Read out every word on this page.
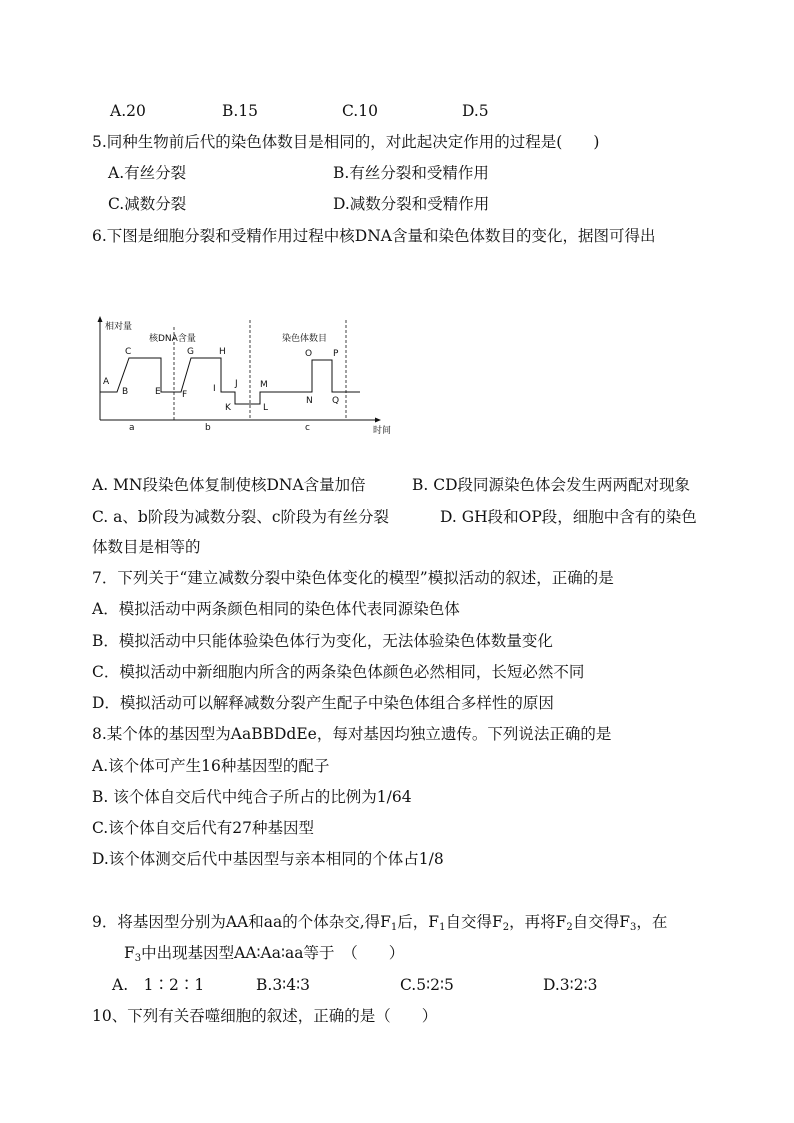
A.20	B.15	C.10	D.5
5.同种生物前后代的染色体数目是相同的，对此起决定作用的过程是(　　)
A.有丝分裂	B.有丝分裂和受精作用
C.减数分裂	D.减数分裂和受精作用
6.下图是细胞分裂和受精作用过程中核DNA含量和染色体数目的变化，据图可得出
相对量
时间
核DNA含量	染色体数目
A
B
C
E F
G	H
I J
K	L
M
N
O P
Q
a	b	c
A. MN段染色体复制使核DNA含量加倍	B. CD段同源染色体会发生两两配对现象
C. a、b阶段为减数分裂、c阶段为有丝分裂	D. GH段和OP段，细胞中含有的染色
体数目是相等的
7．下列关于“建立减数分裂中染色体变化的模型”模拟活动的叙述，正确的是
A．模拟活动中两条颜色相同的染色体代表同源染色体
B．模拟活动中只能体验染色体行为变化，无法体验染色体数量变化
C．模拟活动中新细胞内所含的两条染色体颜色必然相同，长短必然不同
D．模拟活动可以解释减数分裂产生配子中染色体组合多样性的原因
8.某个体的基因型为AaBBDdEe，每对基因均独立遗传。下列说法正确的是
A.该个体可产生16种基因型的配子
B. 该个体自交后代中纯合子所占的比例为1/64
C.该个体自交后代有27种基因型
D.该个体测交后代中基因型与亲本相同的个体占1/8
9．将基因型分别为AA和aa的个体杂交,得$F_1$后，$F_1$自交得$F_2$，再将$F_2$自交得$F_3$，在
$F_3$中出现基因型AA∶Aa∶aa等于　（　　）
A.　1∶2∶1	B.3∶4∶3	C.5∶2∶5	D.3∶2∶3
10、下列有关吞噬细胞的叙述，正确的是（　　）
